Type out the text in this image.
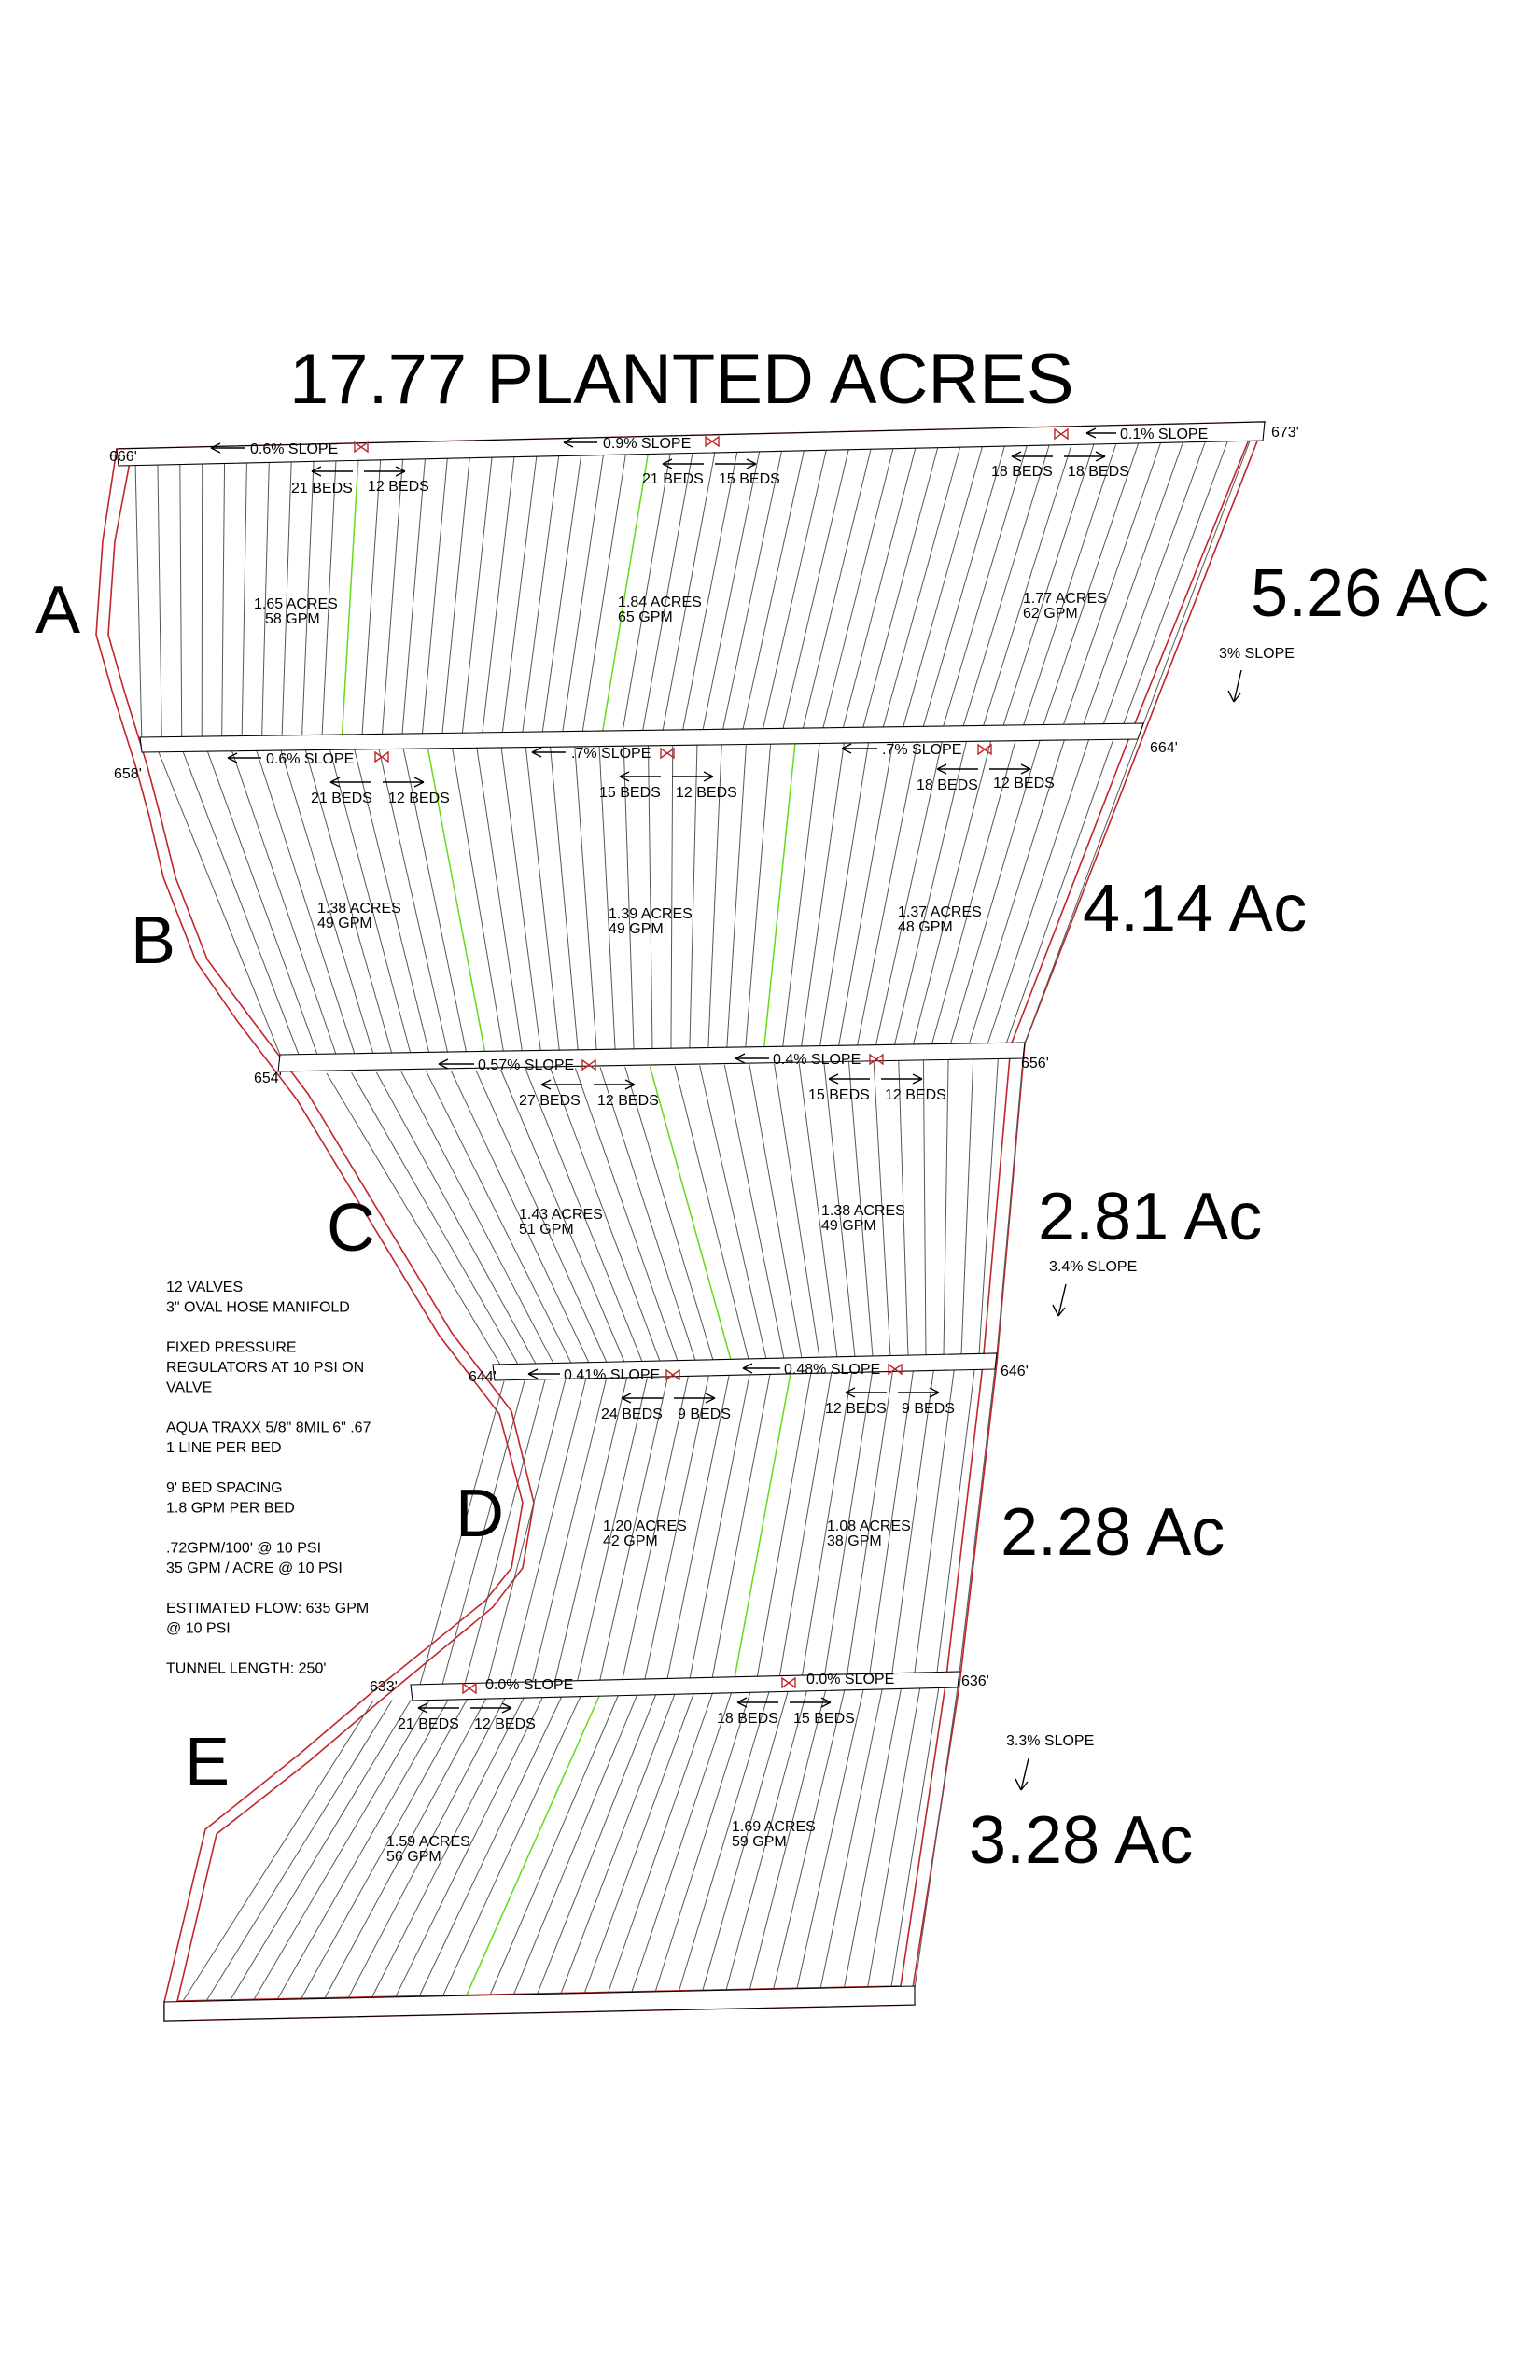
17.77 PLANTED ACRES
12 VALVES 3" OVAL HOSE MANIFOLD FIXED PRESSURE REGULATORS AT 10 PSI ON VALVE AQUA TRAXX 5/8" 8MIL 6" .67 1 LINE PER BED 9' BED SPACING 1.8 GPM PER BED .72GPM/100' @ 10 PSI 35 GPM / ACRE @ 10 PSI ESTIMATED FLOW: 635 GPM @ 10 PSI TUNNEL LENGTH: 250'
A
B
C
D
E
5.26 AC
4.14 Ac
2.81 Ac
2.28 Ac
3.28 Ac
3% SLOPE
3.4% SLOPE
3.3% SLOPE
666'
673'
658'
664'
654'
656'
644'	646'
633'	636'
0.6% SLOPE	0.9% SLOPE
0.1% SLOPE
0.6% SLOPE	.7% SLOPE	.7% SLOPE
0.57% SLOPE	0.4% SLOPE
0.41% SLOPE	0.48% SLOPE
0.0% SLOPE	0.0% SLOPE
21 BEDS 12 BEDS	21 BEDS 15 BEDS	18 BEDS 18 BEDS
21 BEDS 12 BEDS	15 BEDS 12 BEDS	18 BEDS 12 BEDS
27 BEDS 12 BEDS	15 BEDS 12 BEDS
24 BEDS 9 BEDS	12 BEDS 9 BEDS
21 BEDS 12 BEDS	18 BEDS 15 BEDS
1.65 ACRES
58 GPM
1.84 ACRES
65 GPM
1.77 ACRES
62 GPM
1.38 ACRES
49 GPM
1.39 ACRES
49 GPM
1.37 ACRES
48 GPM
1.43 ACRES
51 GPM
1.38 ACRES
49 GPM
1.20 ACRES
42 GPM
1.08 ACRES
38 GPM
1.59 ACRES
56 GPM
1.69 ACRES
59 GPM
